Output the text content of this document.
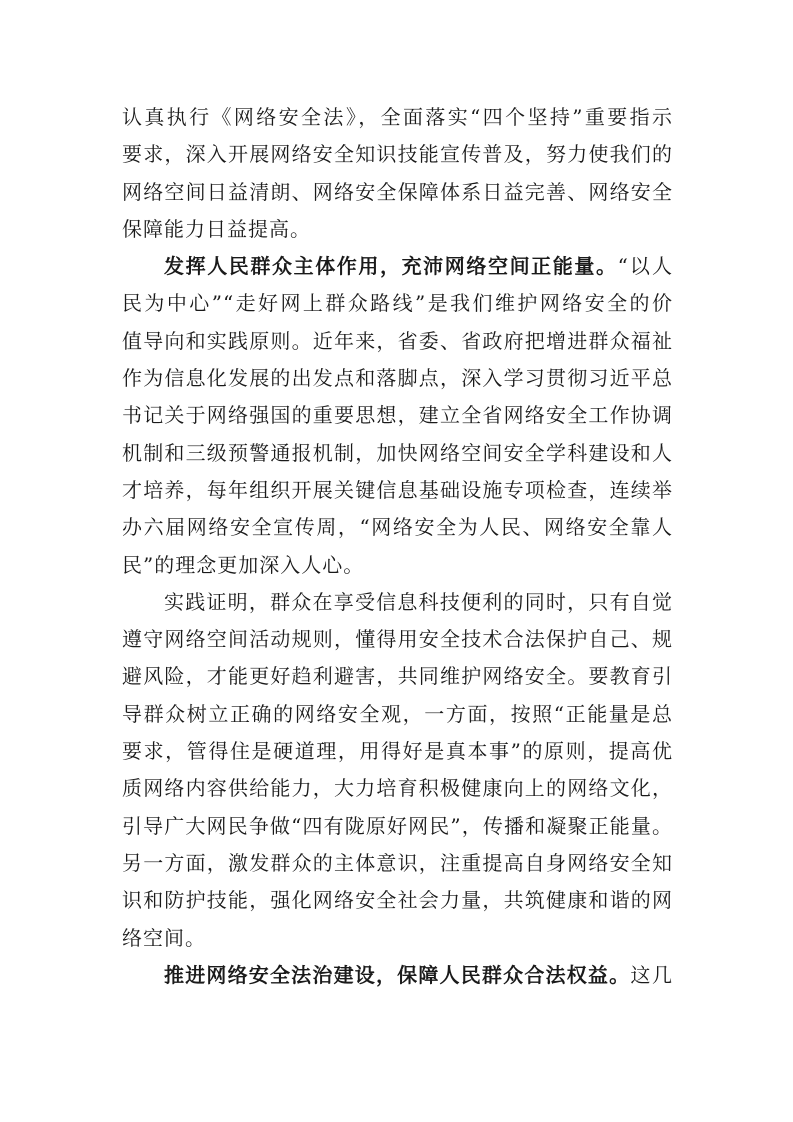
认真执行《网络安全法》，全面落实“四个坚持”重要指示
要求，深入开展网络安全知识技能宣传普及，努力使我们的
网络空间日益清朗、网络安全保障体系日益完善、网络安全
保障能力日益提高。
发挥人民群众主体作用，充沛网络空间正能量。“以人
民为中心”“走好网上群众路线”是我们维护网络安全的价
值导向和实践原则。近年来，省委、省政府把增进群众福祉
作为信息化发展的出发点和落脚点，深入学习贯彻习近平总
书记关于网络强国的重要思想，建立全省网络安全工作协调
机制和三级预警通报机制，加快网络空间安全学科建设和人
才培养，每年组织开展关键信息基础设施专项检查，连续举
办六届网络安全宣传周，“网络安全为人民、网络安全靠人
民”的理念更加深入人心。
实践证明，群众在享受信息科技便利的同时，只有自觉
遵守网络空间活动规则，懂得用安全技术合法保护自己、规
避风险，才能更好趋利避害，共同维护网络安全。要教育引
导群众树立正确的网络安全观，一方面，按照“正能量是总
要求，管得住是硬道理，用得好是真本事”的原则，提高优
质网络内容供给能力，大力培育积极健康向上的网络文化，
引导广大网民争做“四有陇原好网民”，传播和凝聚正能量。
另一方面，激发群众的主体意识，注重提高自身网络安全知
识和防护技能，强化网络安全社会力量，共筑健康和谐的网
络空间。
推进网络安全法治建设，保障人民群众合法权益。这几
